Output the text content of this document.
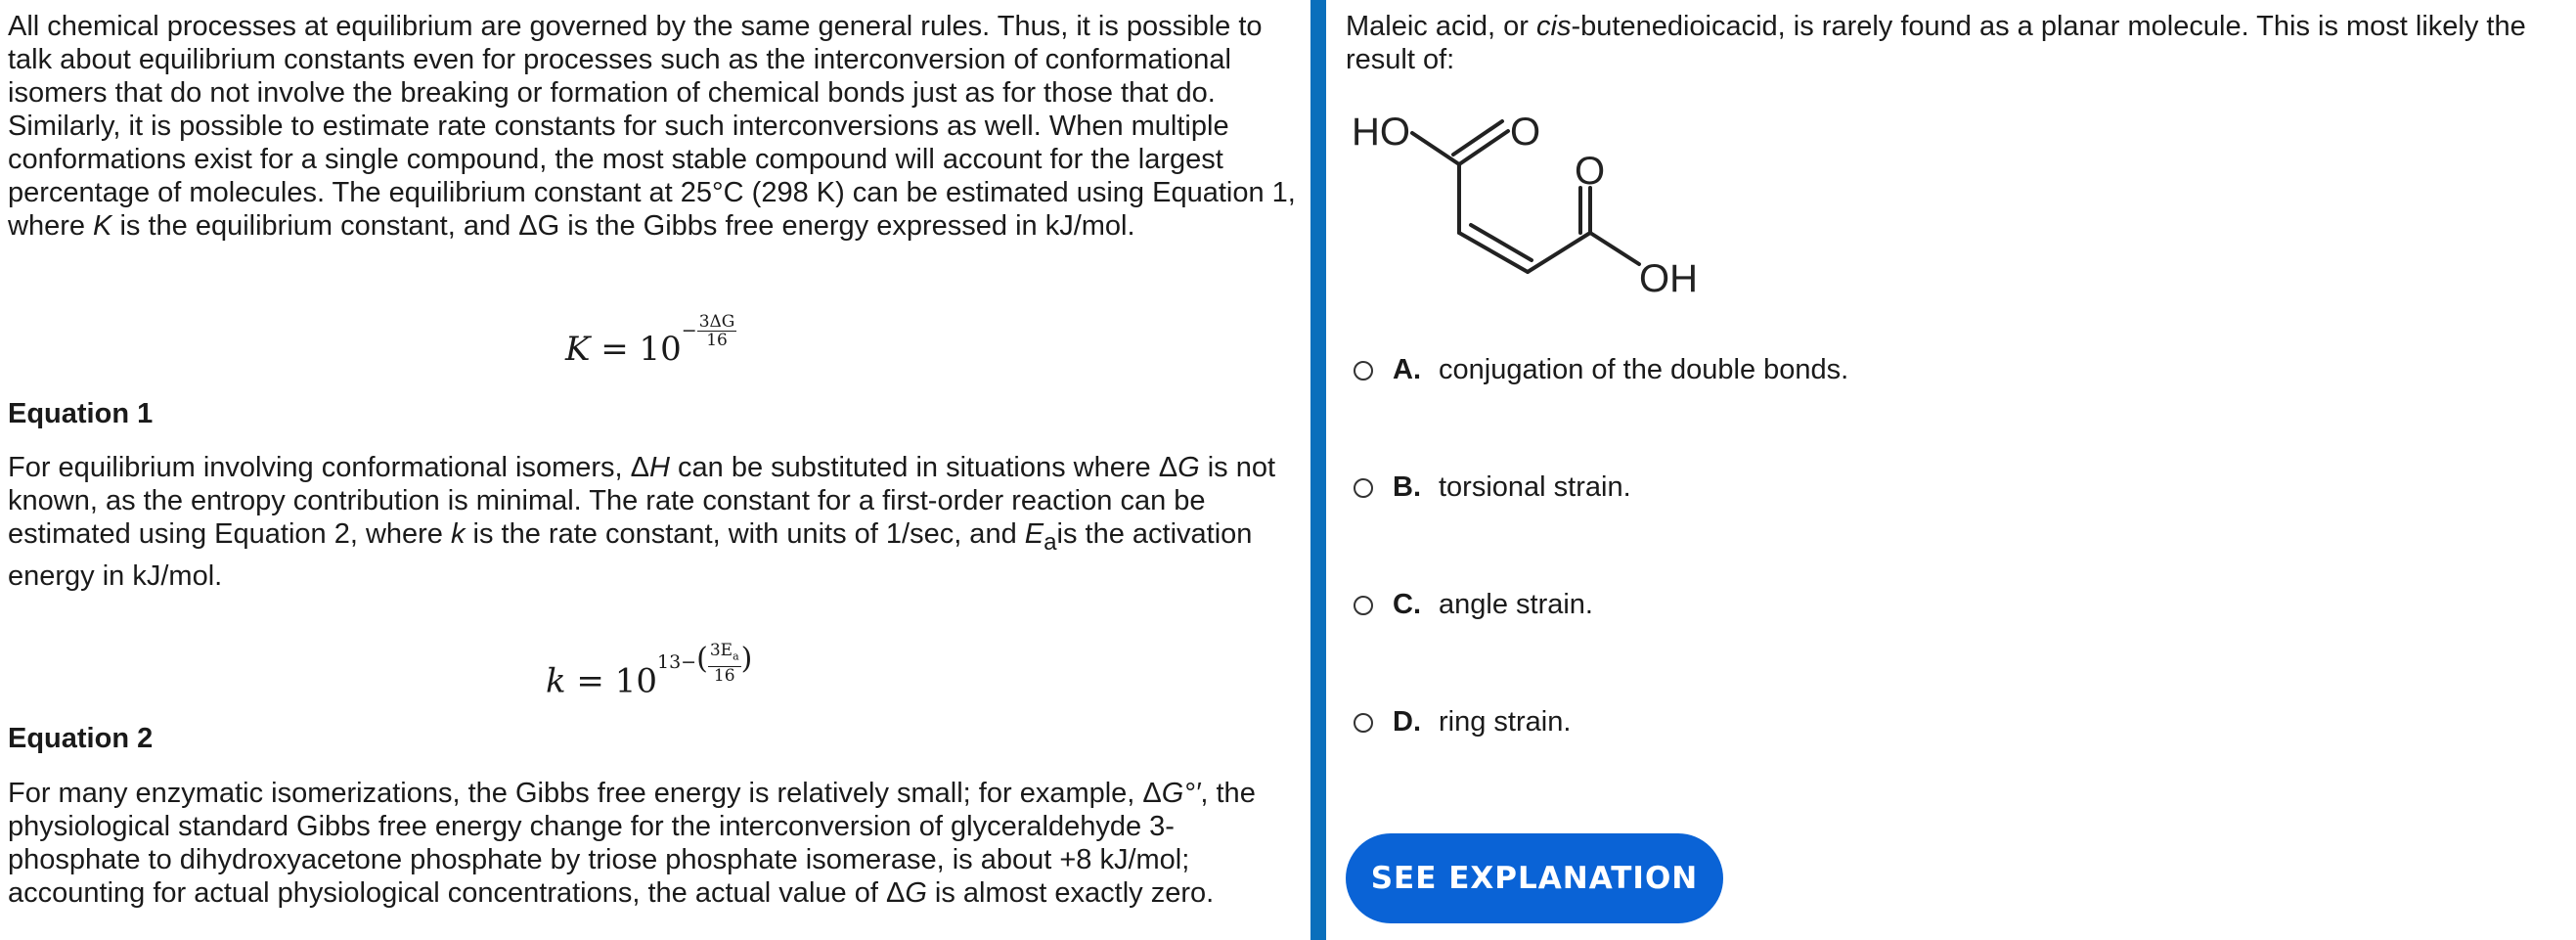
All chemical processes at equilibrium are governed by the same general rules. Thus, it is possible to talk about equilibrium constants even for processes such as the interconversion of conformational isomers that do not involve the breaking or formation of chemical bonds just as for those that do. Similarly, it is possible to estimate rate constants for such interconversions as well. When multiple conformations exist for a single compound, the most stable compound will account for the largest percentage of molecules. The equilibrium constant at 25°C (298 K) can be estimated using Equation 1, where K is the equilibrium constant, and ΔG is the Gibbs free energy expressed in kJ/mol.

$K = 10^{- \frac{3\Delta G}{16}}$

Equation 1

For equilibrium involving conformational isomers, ΔH can be substituted in situations where ΔG is not known, as the entropy contribution is minimal. The rate constant for a first-order reaction can be estimated using Equation 2, where k is the rate constant, with units of 1/sec, and $E_ais$ the activation energy in kJ/mol.

$k = 10^{13-( \frac{3E_a}{16} )}$

Equation 2

For many enzymatic isomerizations, the Gibbs free energy is relatively small; for example, ΔG°′, the physiological standard Gibbs free energy change for the interconversion of glyceraldehyde 3-phosphate to dihydroxyacetone phosphate by triose phosphate isomerase, is about +8 kJ/mol; accounting for actual physiological concentrations, the actual value of ΔG is almost exactly zero.

Maleic acid, or cis-butenedioicacid, is rarely found as a planar molecule. This is most likely the result of:

HO	O
O
OH
A. conjugation of the double bonds.
B. torsional strain.
C. angle strain.
D. ring strain.
SEE EXPLANATION
